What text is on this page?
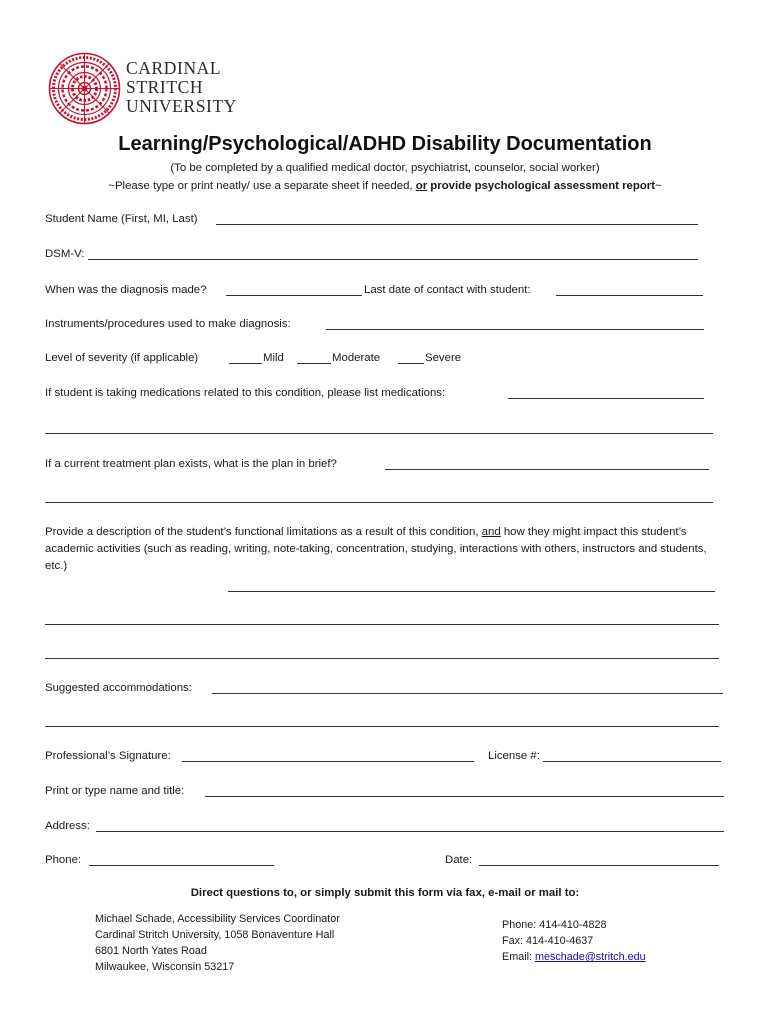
CARDINAL
STRITCH
UNIVERSITY
Learning/Psychological/ADHD Disability Documentation
(To be completed by a qualified medical doctor, psychiatrist, counselor, social worker)
~Please type or print neatly/ use a separate sheet if needed, or provide psychological assessment report~
Student Name (First, MI, Last)
DSM-V:
When was the diagnosis made?	Last date of contact with student:
Instruments/procedures used to make diagnosis:
Level of severity (if applicable)	Mild	Moderate	Severe
If student is taking medications related to this condition, please list medications:
If a current treatment plan exists, what is the plan in brief?
Provide a description of the student’s functional limitations as a result of this condition, and how they might impact this student’s academic activities (such as reading, writing, note-taking, concentration, studying, interactions with others, instructors and students, etc.)
Suggested accommodations:
Professional’s Signature:	License #:
Print or type name and title:
Address:
Phone:	Date:
Direct questions to, or simply submit this form via fax, e-mail or mail to:
Michael Schade, Accessibility Services Coordinator
Cardinal Stritch University, 1058 Bonaventure Hall
6801 North Yates Road
Milwaukee, Wisconsin 53217
Phone: 414-410-4828
Fax: 414-410-4637
Email: meschade@stritch.edu
